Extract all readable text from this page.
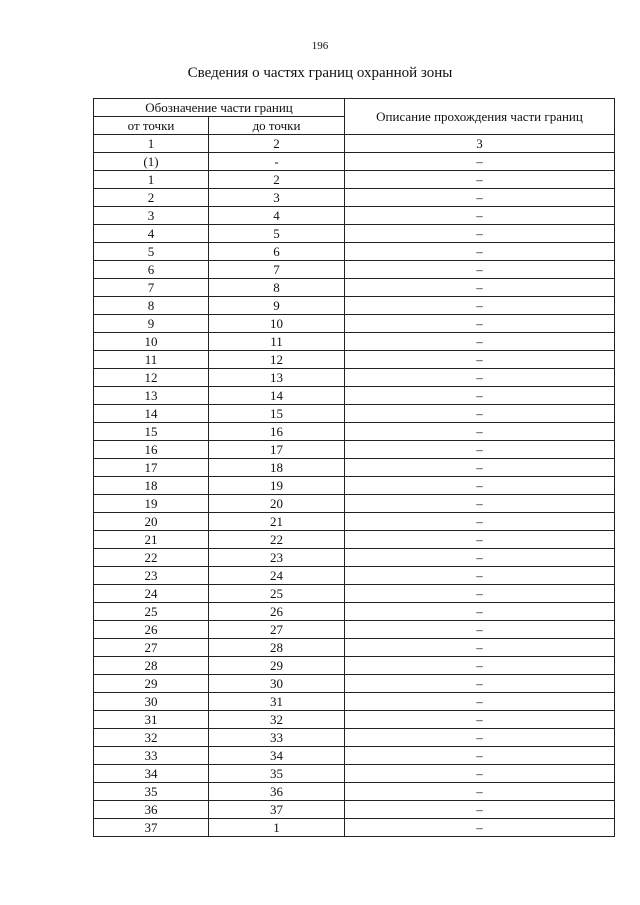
196
Сведения о частях границ охранной зоны
Обозначение части границ		Описание прохождения части границ
от точки	до точки	
1	2	3
(1)	-	–
1	2	–
2	3	–
3	4	–
4	5	–
5	6	–
6	7	–
7	8	–
8	9	–
9	10	–
10	11	–
11	12	–
12	13	–
13	14	–
14	15	–
15	16	–
16	17	–
17	18	–
18	19	–
19	20	–
20	21	–
21	22	–
22	23	–
23	24	–
24	25	–
25	26	–
26	27	–
27	28	–
28	29	–
29	30	–
30	31	–
31	32	–
32	33	–
33	34	–
34	35	–
35	36	–
36	37	–
37	1	–
